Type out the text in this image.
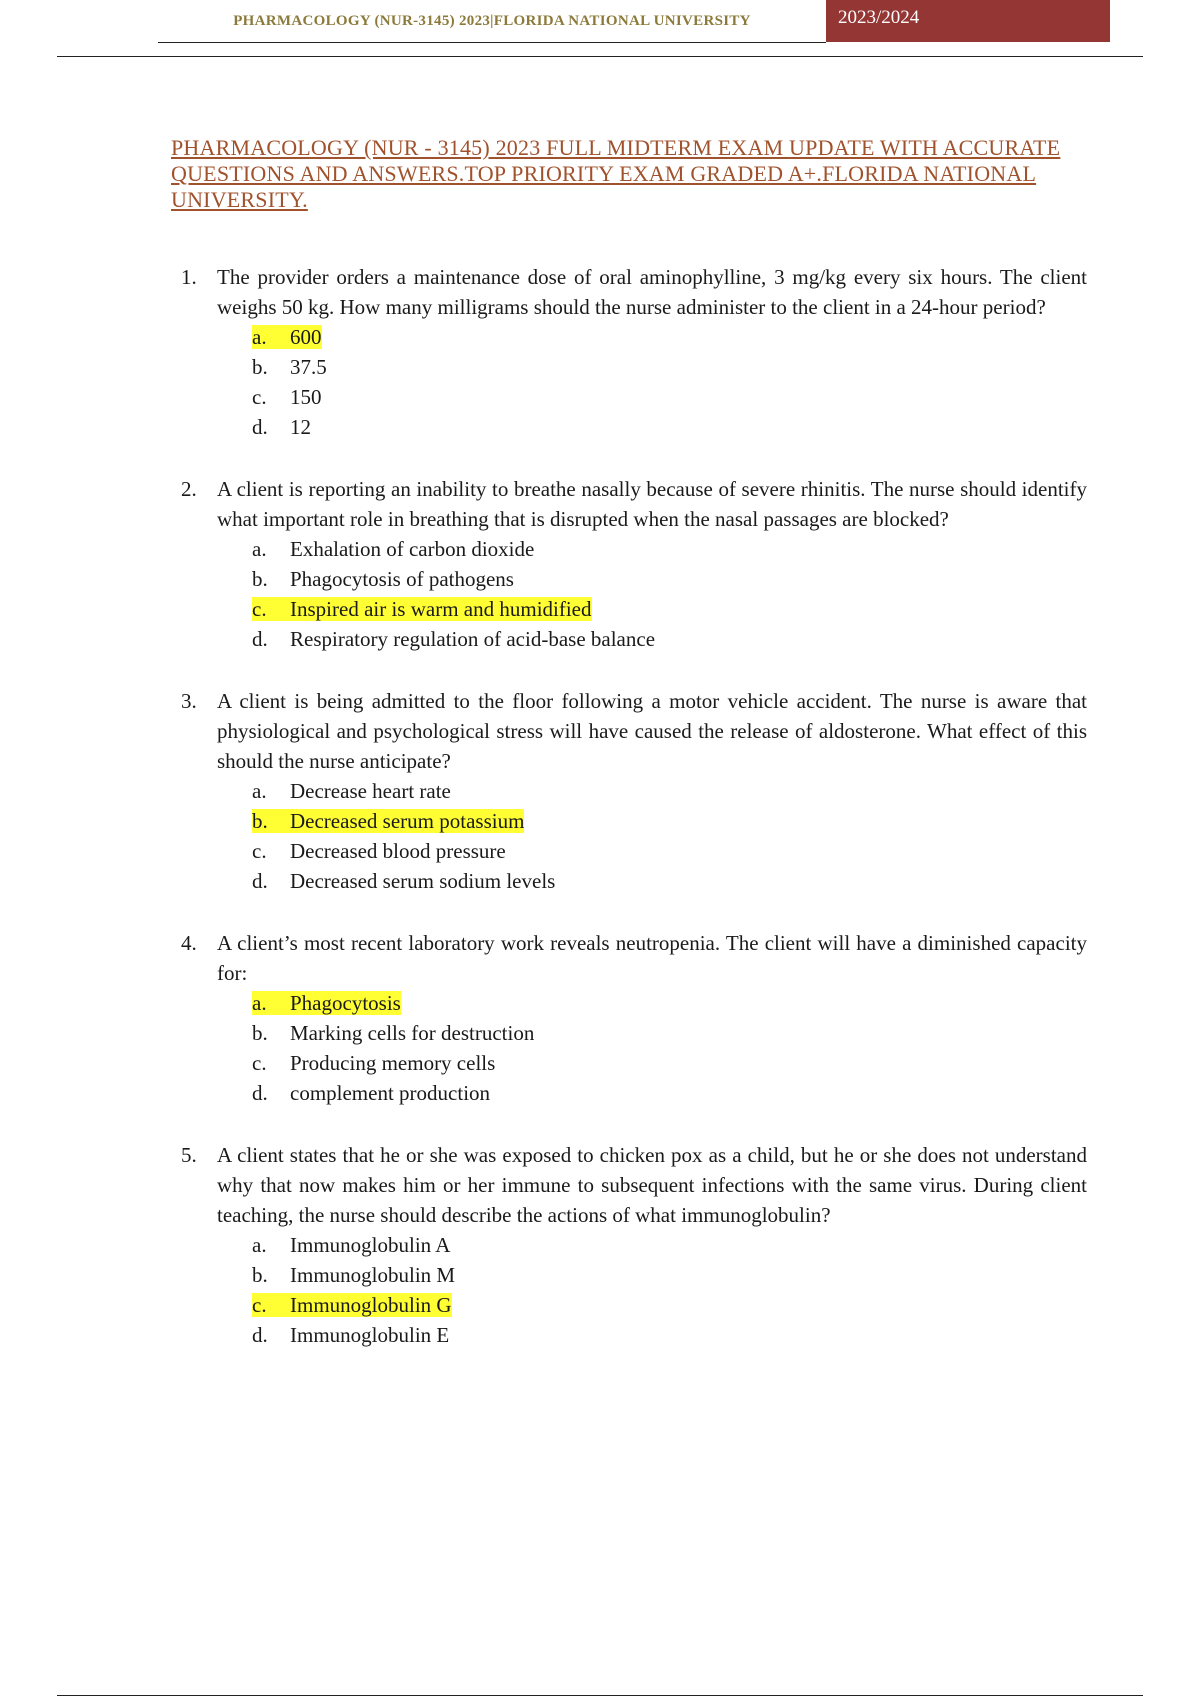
PHARMACOLOGY (NUR-3145) 2023|FLORIDA NATIONAL UNIVERSITY	2023/2024
PHARMACOLOGY (NUR - 3145) 2023 FULL MIDTERM EXAM UPDATE WITH ACCURATE QUESTIONS AND ANSWERS.TOP PRIORITY EXAM GRADED A+.FLORIDA NATIONAL UNIVERSITY.
1. The provider orders a maintenance dose of oral aminophylline, 3 mg/kg every six hours. The client weighs 50 kg. How many milligrams should the nurse administer to the client in a 24-hour period?

a. 600
b. 37.5
c. 150
d. 12
2. A client is reporting an inability to breathe nasally because of severe rhinitis. The nurse should identify what important role in breathing that is disrupted when the nasal passages are blocked?

a. Exhalation of carbon dioxide
b. Phagocytosis of pathogens
c. Inspired air is warm and humidified
d. Respiratory regulation of acid-base balance
3. A client is being admitted to the floor following a motor vehicle accident. The nurse is aware that physiological and psychological stress will have caused the release of aldosterone. What effect of this should the nurse anticipate?

a. Decrease heart rate
b. Decreased serum potassium
c. Decreased blood pressure
d. Decreased serum sodium levels
4. A client’s most recent laboratory work reveals neutropenia. The client will have a diminished capacity for:

a. Phagocytosis
b. Marking cells for destruction
c. Producing memory cells
d. complement production
5. A client states that he or she was exposed to chicken pox as a child, but he or she does not understand why that now makes him or her immune to subsequent infections with the same virus. During client teaching, the nurse should describe the actions of what immunoglobulin?

a. Immunoglobulin A
b. Immunoglobulin M
c. Immunoglobulin G
d. Immunoglobulin E
